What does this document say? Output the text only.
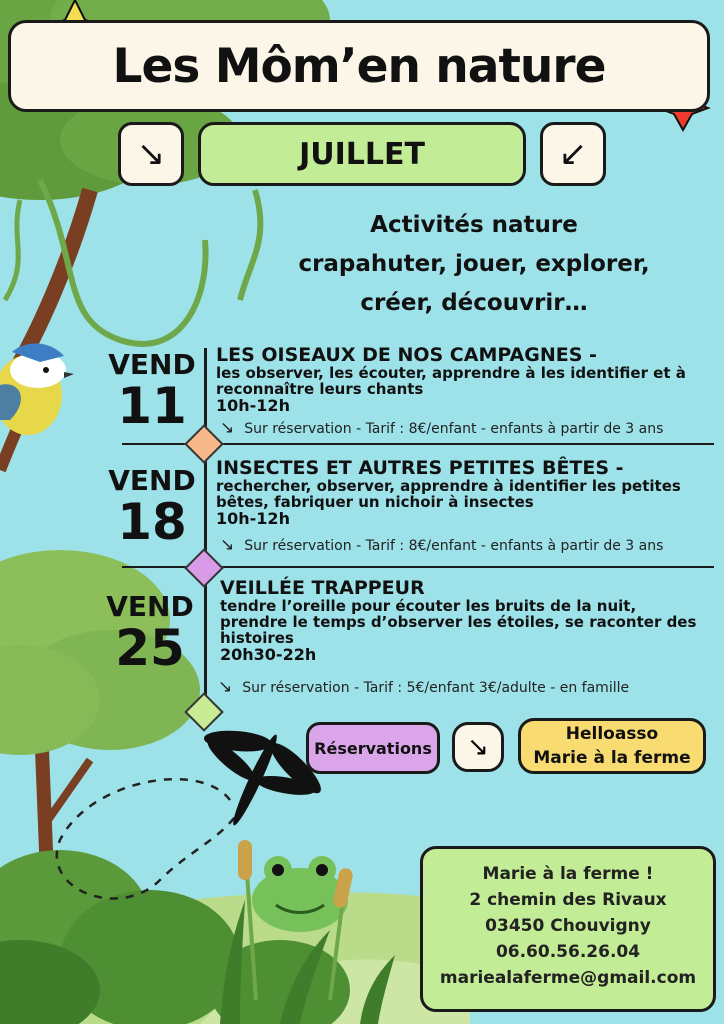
Les Môm’en nature
↘	JUILLET	↙
Activités nature
crapahuter, jouer, explorer,
créer, découvrir…
VEND
11
LES OISEAUX DE NOS CAMPAGNES -
les observer, les écouter, apprendre à les identifier et à
reconnaître leurs chants
10h-12h
↘ Sur réservation - Tarif : 8€/enfant - enfants à partir de 3 ans
VEND
18
INSECTES ET AUTRES PETITES BÊTES -
rechercher, observer, apprendre à identifier les petites
bêtes, fabriquer un nichoir à insectes
10h-12h
↘ Sur réservation - Tarif : 8€/enfant - enfants à partir de 3 ans
VEND
25
VEILLÉE TRAPPEUR
tendre l’oreille pour écouter les bruits de la nuit,
prendre le temps d’observer les étoiles, se raconter des
histoires
20h30-22h
↘ Sur réservation - Tarif : 5€/enfant 3€/adulte - en famille
Réservations	↘	Helloasso
Marie à la ferme
Marie à la ferme !
2 chemin des Rivaux
03450 Chouvigny
06.60.56.26.04
mariealaferme@gmail.com
